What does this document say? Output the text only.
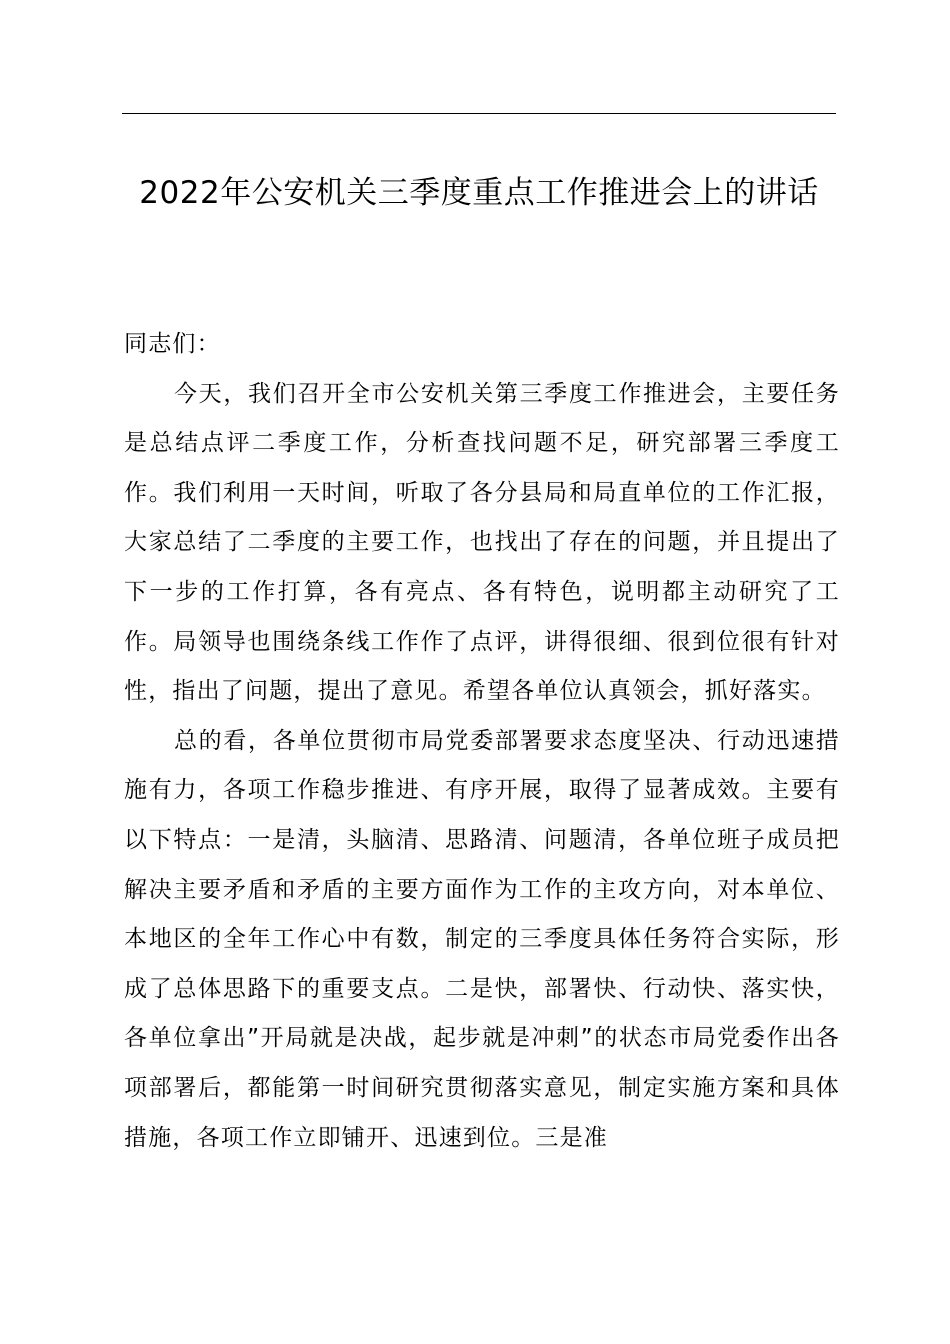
2022年公安机关三季度重点工作推进会上的讲话

同志们：

今天，我们召开全市公安机关第三季度工作推进会，主要任务是总结点评二季度工作，分析查找问题不足，研究部署三季度工作。我们利用一天时间，听取了各分县局和局直单位的工作汇报，大家总结了二季度的主要工作，也找出了存在的问题，并且提出了下一步的工作打算，各有亮点、各有特色，说明都主动研究了工作。局领导也围绕条线工作作了点评，讲得很细、很到位很有针对性，指出了问题，提出了意见。希望各单位认真领会，抓好落实。

总的看，各单位贯彻市局党委部署要求态度坚决、行动迅速措施有力，各项工作稳步推进、有序开展，取得了显著成效。主要有以下特点：一是清，头脑清、思路清、问题清，各单位班子成员把解决主要矛盾和矛盾的主要方面作为工作的主攻方向，对本单位、本地区的全年工作心中有数，制定的三季度具体任务符合实际，形成了总体思路下的重要支点。二是快，部署快、行动快、落实快，各单位拿出”开局就是决战，起步就是冲刺”的状态市局党委作出各项部署后，都能第一时间研究贯彻落实意见，制定实施方案和具体措施，各项工作立即铺开、迅速到位。三是准
